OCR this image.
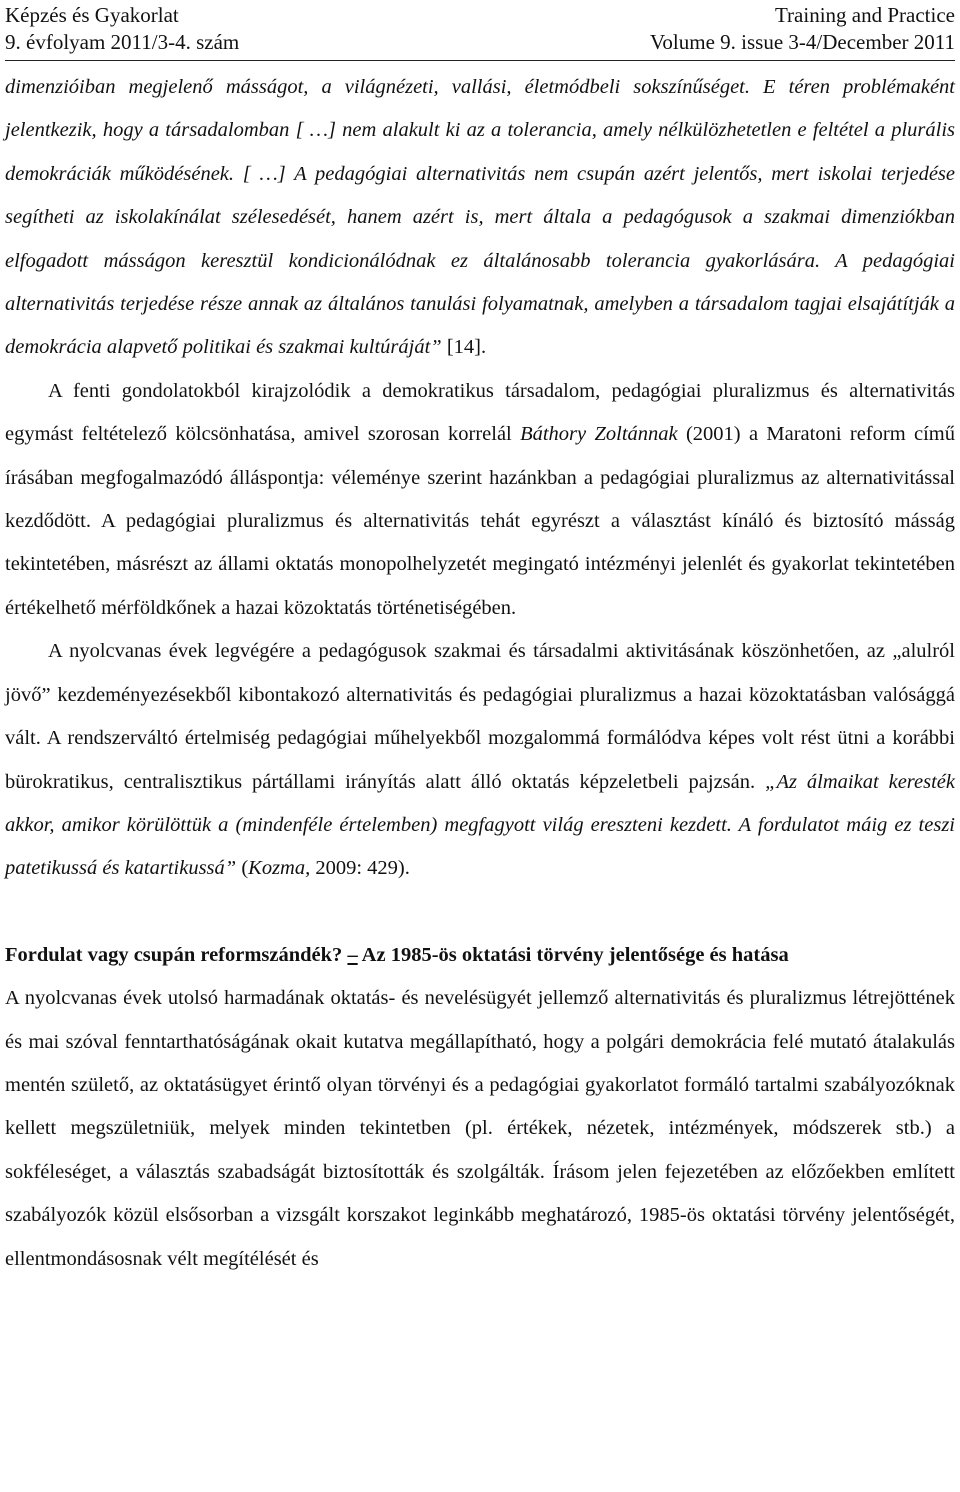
Képzés és Gyakorlat	Training and Practice
9. évfolyam 2011/3-4. szám	Volume 9. issue 3-4/December 2011

dimenzióiban megjelenő másságot, a világnézeti, vallási, életmódbeli sokszínűséget. E téren problémaként jelentkezik, hogy a társadalomban [ …] nem alakult ki az a tolerancia, amely nélkülözhetetlen e feltétel a plurális demokráciák működésének. [ …] A pedagógiai alternativitás nem csupán azért jelentős, mert iskolai terjedése segítheti az iskolakínálat szélesedését, hanem azért is, mert általa a pedagógusok a szakmai dimenziókban elfogadott másságon keresztül kondicionálódnak ez általánosabb tolerancia gyakorlására. A pedagógiai alternativitás terjedése része annak az általános tanulási folyamatnak, amelyben a társadalom tagjai elsajátítják a demokrácia alapvető politikai és szakmai kultúráját” [14].

A fenti gondolatokból kirajzolódik a demokratikus társadalom, pedagógiai pluralizmus és alternativitás egymást feltételező kölcsönhatása, amivel szorosan korrelál Báthory Zoltánnak (2001) a Maratoni reform című írásában megfogalmazódó álláspontja: véleménye szerint hazánkban a pedagógiai pluralizmus az alternativitással kezdődött. A pedagógiai pluralizmus és alternativitás tehát egyrészt a választást kínáló és biztosító másság tekintetében, másrészt az állami oktatás monopolhelyzetét megingató intézményi jelenlét és gyakorlat tekintetében értékelhető mérföldkőnek a hazai közoktatás történetiségében.

A nyolcvanas évek legvégére a pedagógusok szakmai és társadalmi aktivitásának köszönhetően, az „alulról jövő” kezdeményezésekből kibontakozó alternativitás és pedagógiai pluralizmus a hazai közoktatásban valósággá vált. A rendszerváltó értelmiség pedagógiai műhelyekből mozgalommá formálódva képes volt rést ütni a korábbi bürokratikus, centralisztikus pártállami irányítás alatt álló oktatás képzeletbeli pajzsán. „Az álmaikat keresték akkor, amikor körülöttük a (mindenféle értelemben) megfagyott világ ereszteni kezdett. A fordulatot máig ez teszi patetikussá és katartikussá” (Kozma, 2009: 429).

Fordulat vagy csupán reformszándék? – Az 1985-ös oktatási törvény jelentősége és hatása

A nyolcvanas évek utolsó harmadának oktatás- és nevelésügyét jellemző alternativitás és pluralizmus létrejöttének és mai szóval fenntarthatóságának okait kutatva megállapítható, hogy a polgári demokrácia felé mutató átalakulás mentén születő, az oktatásügyet érintő olyan törvényi és a pedagógiai gyakorlatot formáló tartalmi szabályozóknak kellett megszületniük, melyek minden tekintetben (pl. értékek, nézetek, intézmények, módszerek stb.) a sokféleséget, a választás szabadságát biztosították és szolgálták. Írásom jelen fejezetében az előzőekben említett szabályozók közül elsősorban a vizsgált korszakot leginkább meghatározó, 1985-ös oktatási törvény jelentőségét, ellentmondásosnak vélt megítélését és
